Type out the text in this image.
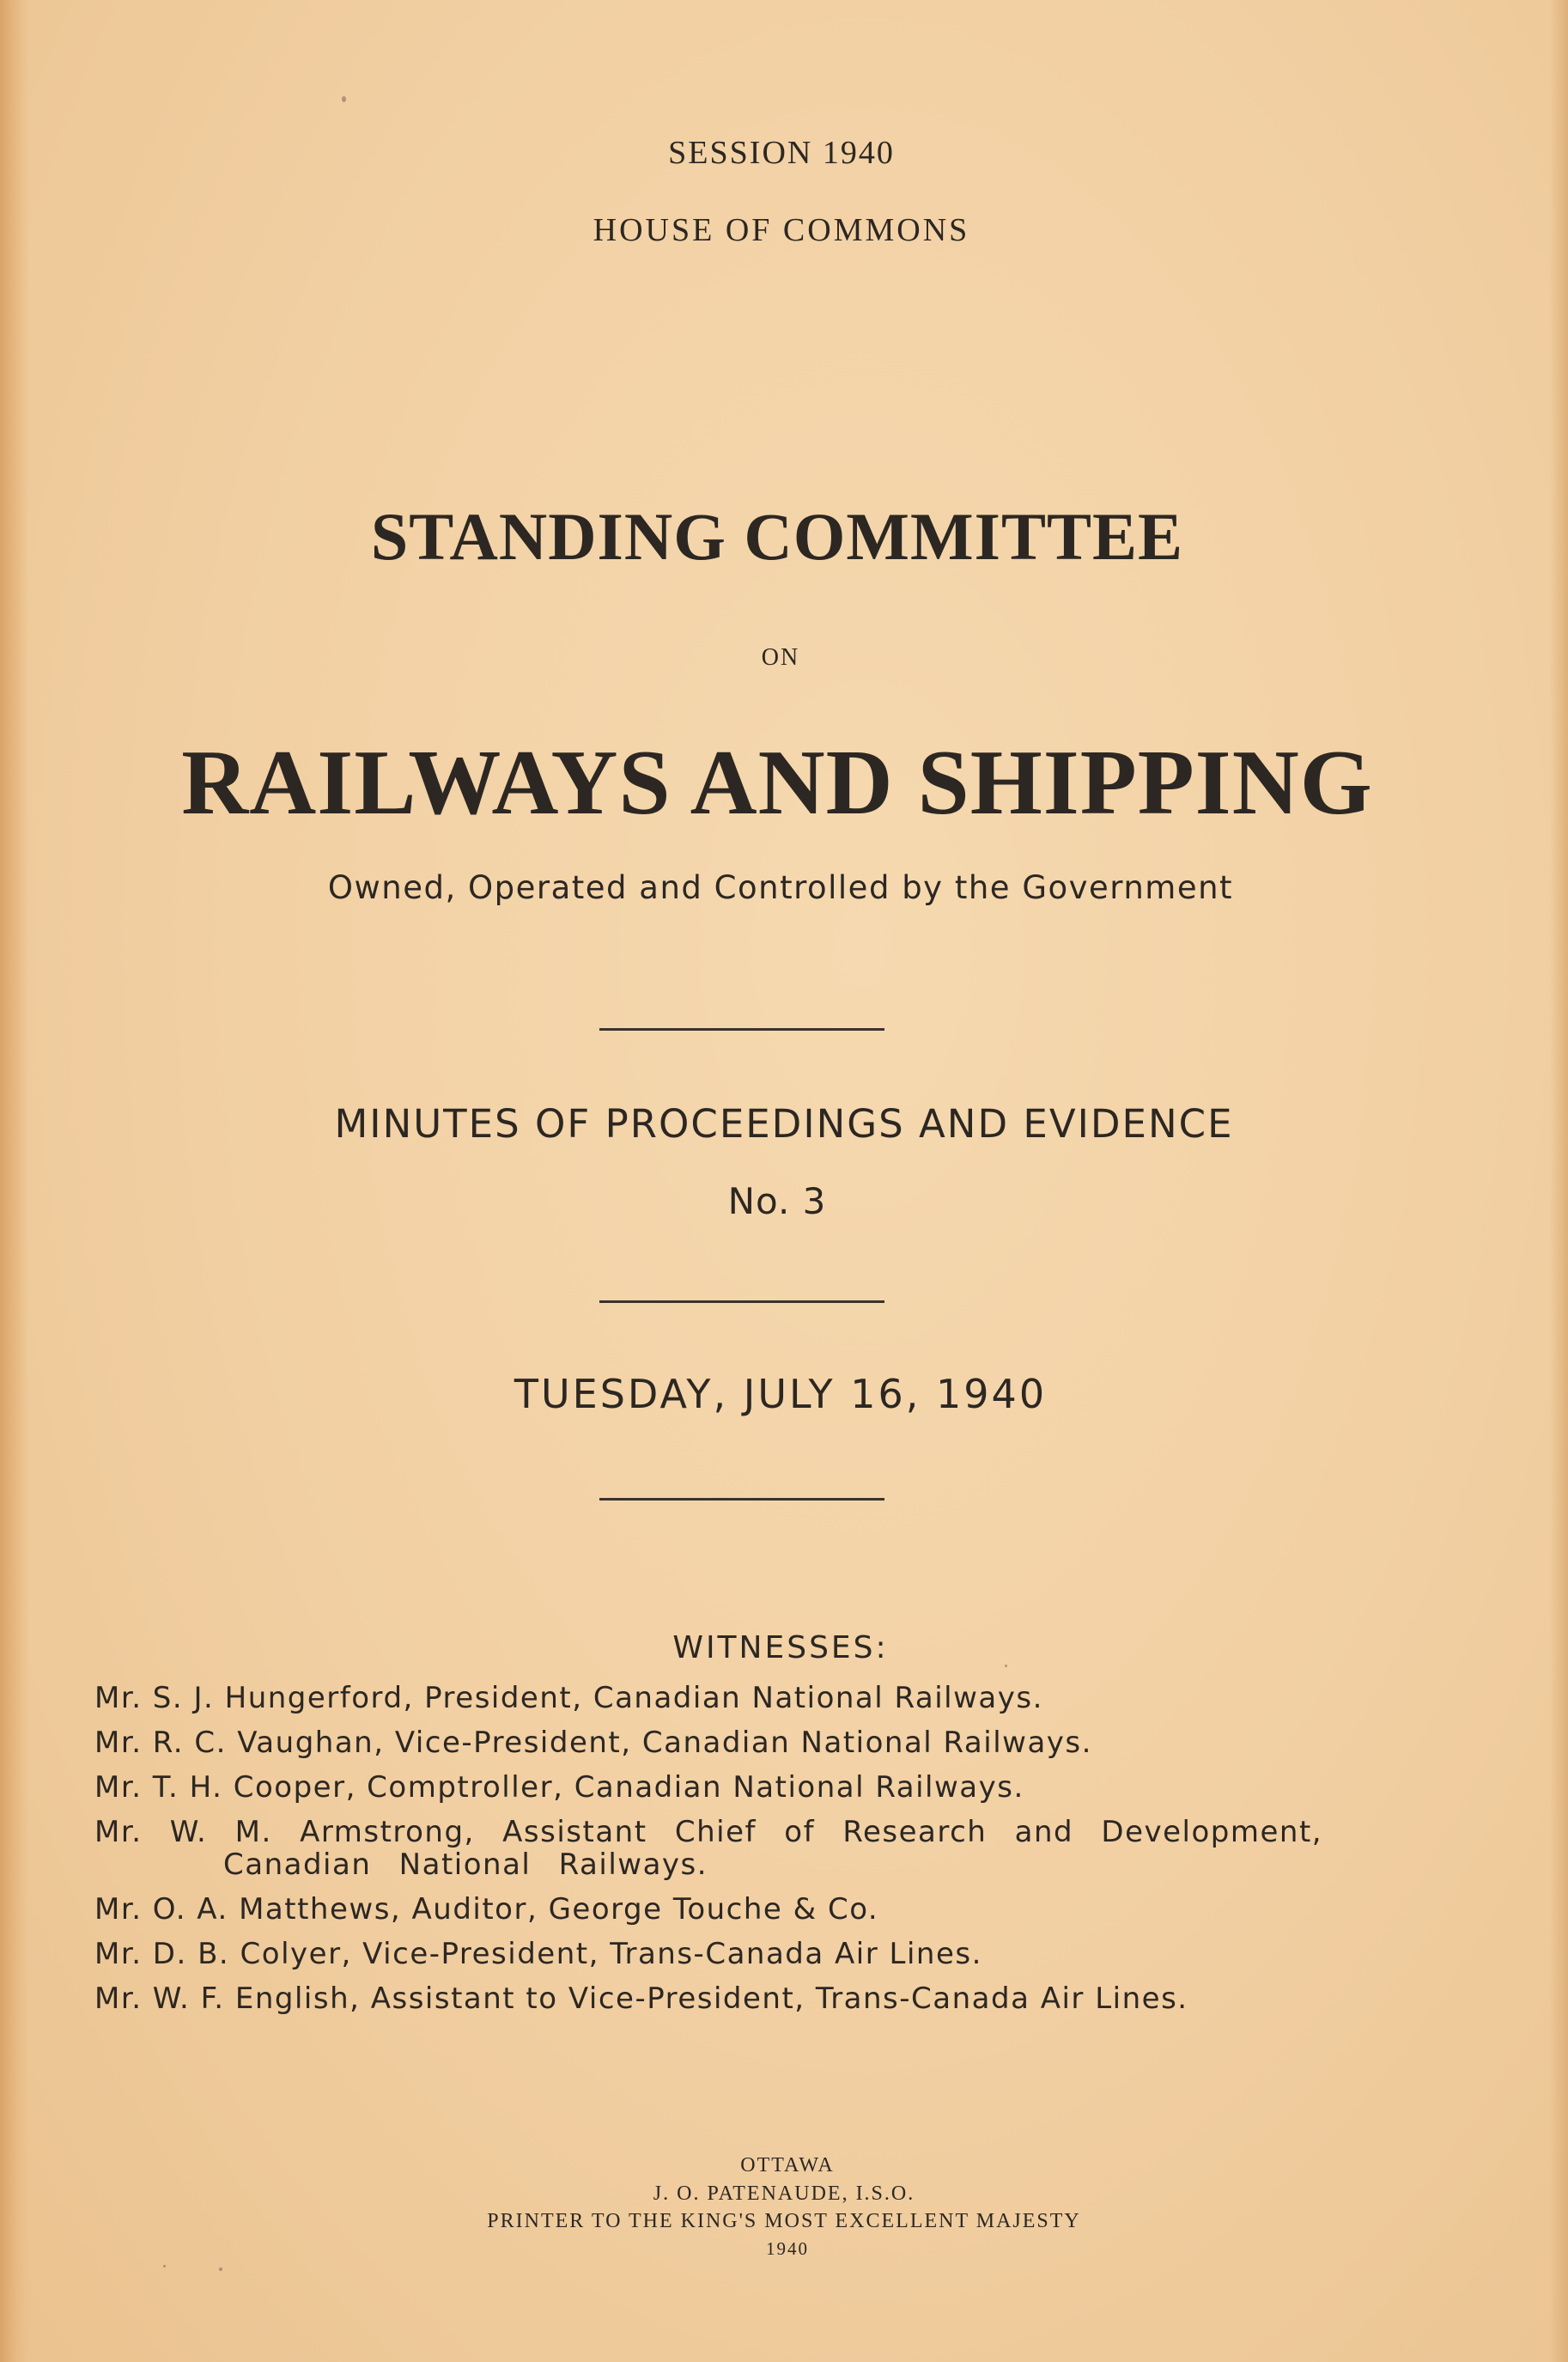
SESSION 1940
HOUSE OF COMMONS
STANDING COMMITTEE
ON
RAILWAYS AND SHIPPING
Owned, Operated and Controlled by the Government
MINUTES OF PROCEEDINGS AND EVIDENCE
No. 3
TUESDAY, JULY 16, 1940
WITNESSES:
Mr. S. J. Hungerford, President, Canadian National Railways.
Mr. R. C. Vaughan, Vice-President, Canadian National Railways.
Mr. T. H. Cooper, Comptroller, Canadian National Railways.
Mr. W. M. Armstrong, Assistant Chief of Research and Development, Canadian National Railways.
Mr. O. A. Matthews, Auditor, George Touche & Co.
Mr. D. B. Colyer, Vice-President, Trans-Canada Air Lines.
Mr. W. F. English, Assistant to Vice-President, Trans-Canada Air Lines.
OTTAWA
J. O. PATENAUDE, I.S.O.
PRINTER TO THE KING'S MOST EXCELLENT MAJESTY
1940
